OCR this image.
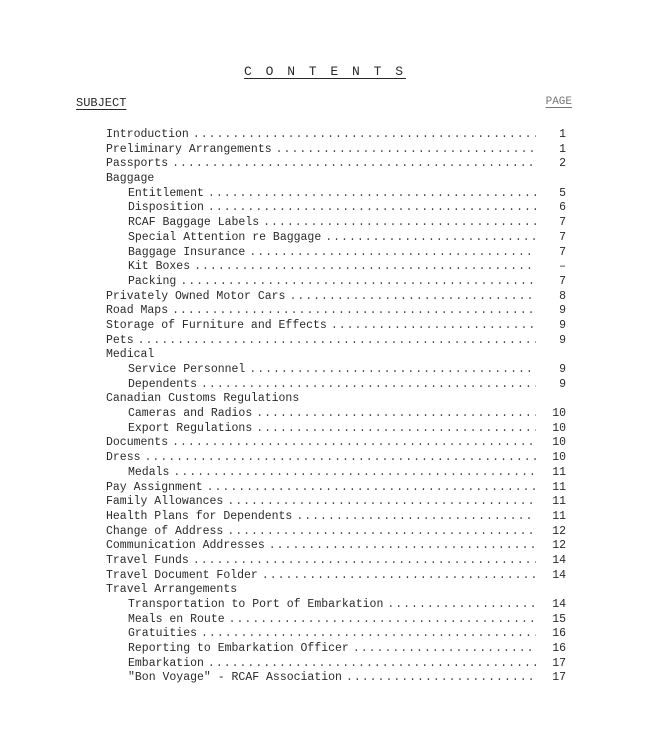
C O N T E N T S
SUBJECT	PAGE
Introduction .....	1
Preliminary Arrangements .....	1
Passports .....	2
Baggage
Entitlement .....	5
Disposition .....	6
RCAF Baggage Labels .....	7
Special Attention re Baggage .....	7
Baggage Insurance .....	7
Kit Boxes .....	–
Packing .....	7
Privately Owned Motor Cars .....	8
Road Maps .....	9
Storage of Furniture and Effects .....	9
Pets .....	9
Medical
Service Personnel .....	9
Dependents .....	9
Canadian Customs Regulations
Cameras and Radios .....	10
Export Regulations .....	10
Documents .....	10
Dress .....	10
Medals .....	11
Pay Assignment .....	11
Family Allowances .....	11
Health Plans for Dependents .....	11
Change of Address .....	12
Communication Addresses .....	12
Travel Funds .....	14
Travel Document Folder .....	14
Travel Arrangements
Transportation to Port of Embarkation .....	14
Meals en Route .....	15
Gratuities .....	16
Reporting to Embarkation Officer .....	16
Embarkation .....	17
"Bon Voyage" - RCAF Association .....	17
